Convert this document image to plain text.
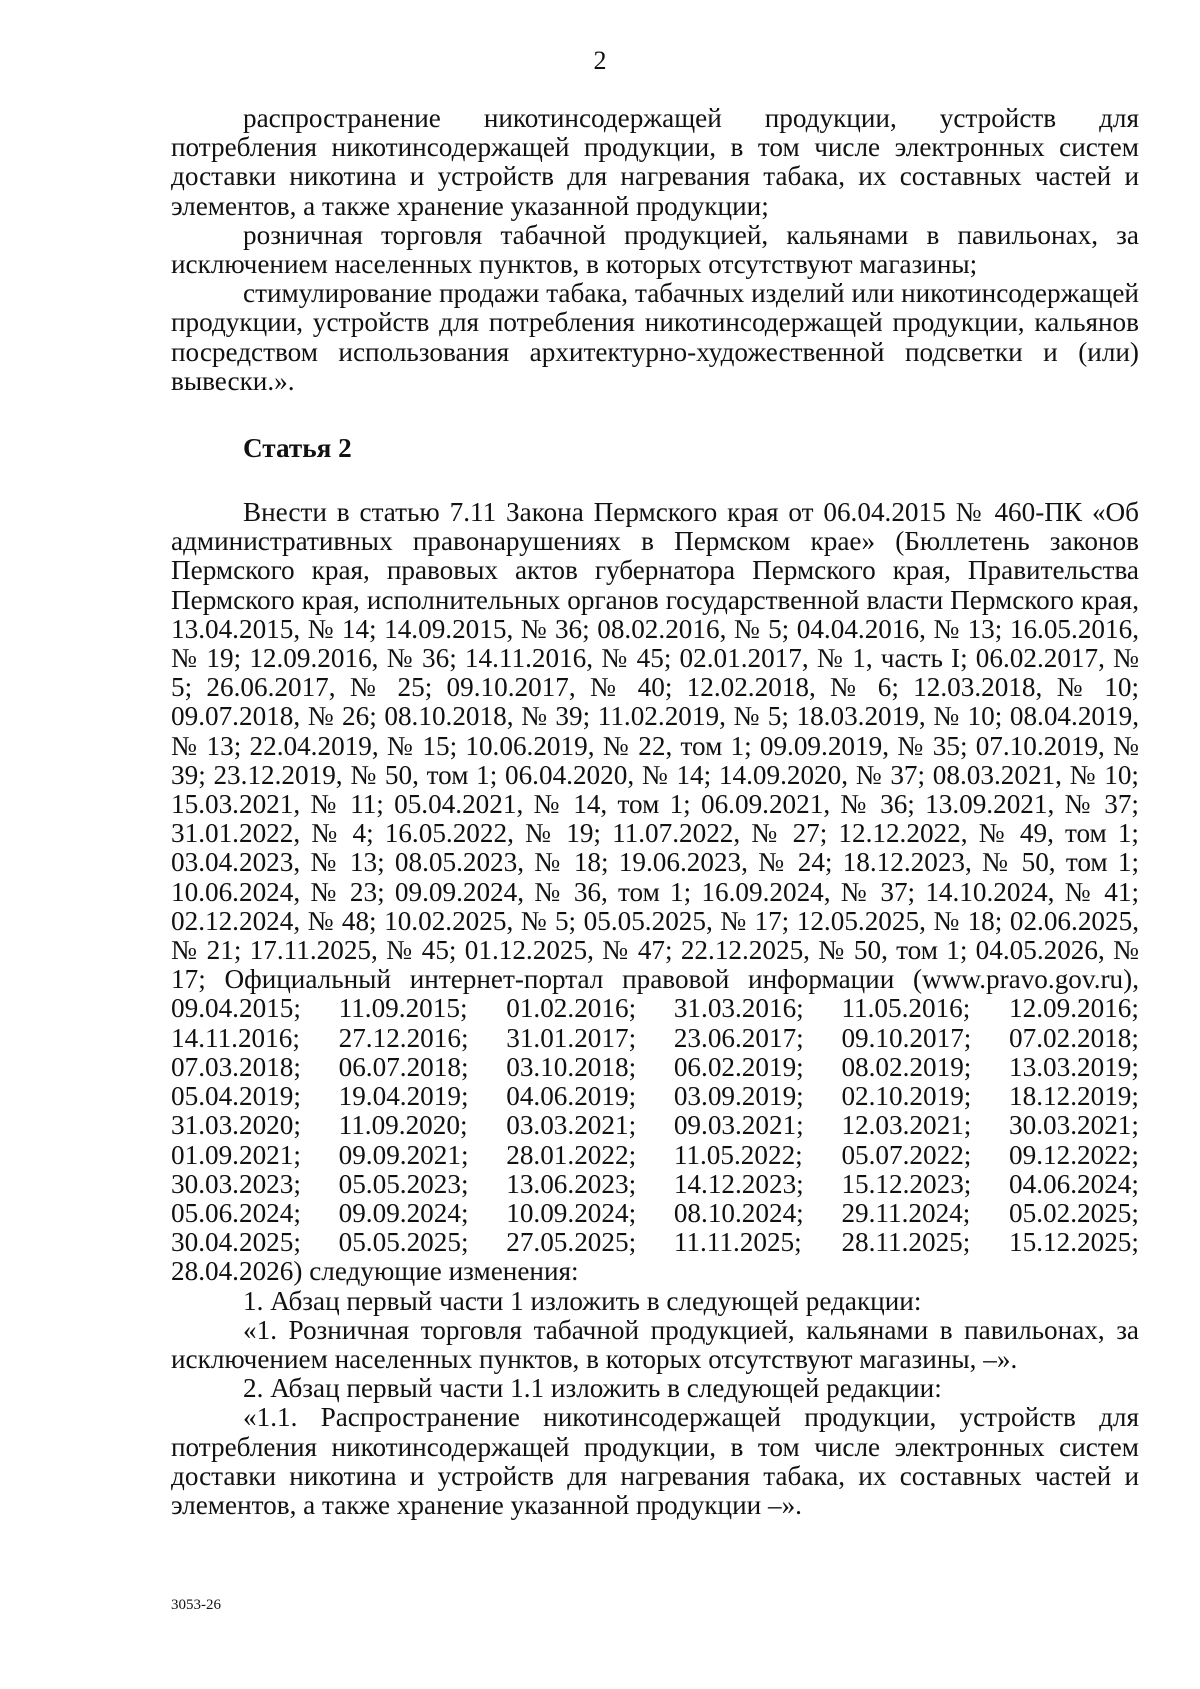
2

распространение никотинсодержащей продукции, устройств для потребления никотинсодержащей продукции, в том числе электронных систем доставки никотина и устройств для нагревания табака, их составных частей и элементов, а также хранение указанной продукции;

розничная торговля табачной продукцией, кальянами в павильонах, за исключением населенных пунктов, в которых отсутствуют магазины;

стимулирование продажи табака, табачных изделий или никотинсодержащей продукции, устройств для потребления никотинсодержащей продукции, кальянов посредством использования архитектурно-художественной подсветки и (или) вывески.».

Статья 2

Внести в статью 7.11 Закона Пермского края от 06.04.2015 № 460-ПК «Об административных правонарушениях в Пермском крае» (Бюллетень законов Пермского края, правовых актов губернатора Пермского края, Правительства Пермского края, исполнительных органов государственной власти Пермского края, 13.04.2015, № 14; 14.09.2015, № 36; 08.02.2016, № 5; 04.04.2016, № 13; 16.05.2016, № 19; 12.09.2016, № 36; 14.11.2016, № 45; 02.01.2017, № 1, часть I; 06.02.2017, № 5; 26.06.2017, № 25; 09.10.2017, № 40; 12.02.2018, № 6; 12.03.2018, № 10; 09.07.2018, № 26; 08.10.2018, № 39; 11.02.2019, № 5; 18.03.2019, № 10; 08.04.2019, № 13; 22.04.2019, № 15; 10.06.2019, № 22, том 1; 09.09.2019, № 35; 07.10.2019, № 39; 23.12.2019, № 50, том 1; 06.04.2020, № 14; 14.09.2020, № 37; 08.03.2021, № 10; 15.03.2021, № 11; 05.04.2021, № 14, том 1; 06.09.2021, № 36; 13.09.2021, № 37; 31.01.2022, № 4; 16.05.2022, № 19; 11.07.2022, № 27; 12.12.2022, № 49, том 1; 03.04.2023, № 13; 08.05.2023, № 18; 19.06.2023, № 24; 18.12.2023, № 50, том 1; 10.06.2024, № 23; 09.09.2024, № 36, том 1; 16.09.2024, № 37; 14.10.2024, № 41; 02.12.2024, № 48; 10.02.2025, № 5; 05.05.2025, № 17; 12.05.2025, № 18; 02.06.2025, № 21; 17.11.2025, № 45; 01.12.2025, № 47; 22.12.2025, № 50, том 1; 04.05.2026, № 17; Официальный интернет-портал правовой информации (www.pravo.gov.ru),

09.04.2015; 11.09.2015; 01.02.2016; 31.03.2016; 11.05.2016; 12.09.2016;
14.11.2016; 27.12.2016; 31.01.2017; 23.06.2017; 09.10.2017; 07.02.2018;
07.03.2018; 06.07.2018; 03.10.2018; 06.02.2019; 08.02.2019; 13.03.2019;
05.04.2019; 19.04.2019; 04.06.2019; 03.09.2019; 02.10.2019; 18.12.2019;
31.03.2020; 11.09.2020; 03.03.2021; 09.03.2021; 12.03.2021; 30.03.2021;
01.09.2021; 09.09.2021; 28.01.2022; 11.05.2022; 05.07.2022; 09.12.2022;
30.03.2023; 05.05.2023; 13.06.2023; 14.12.2023; 15.12.2023; 04.06.2024;
05.06.2024; 09.09.2024; 10.09.2024; 08.10.2024; 29.11.2024; 05.02.2025;
30.04.2025; 05.05.2025; 27.05.2025; 11.11.2025; 28.11.2025; 15.12.2025;

28.04.2026) следующие изменения:

1. Абзац первый части 1 изложить в следующей редакции:

«1. Розничная торговля табачной продукцией, кальянами в павильонах, за исключением населенных пунктов, в которых отсутствуют магазины, –».

2. Абзац первый части 1.1 изложить в следующей редакции:

«1.1. Распространение никотинсодержащей продукции, устройств для потребления никотинсодержащей продукции, в том числе электронных систем доставки никотина и устройств для нагревания табака, их составных частей и элементов, а также хранение указанной продукции –».

3053-26
